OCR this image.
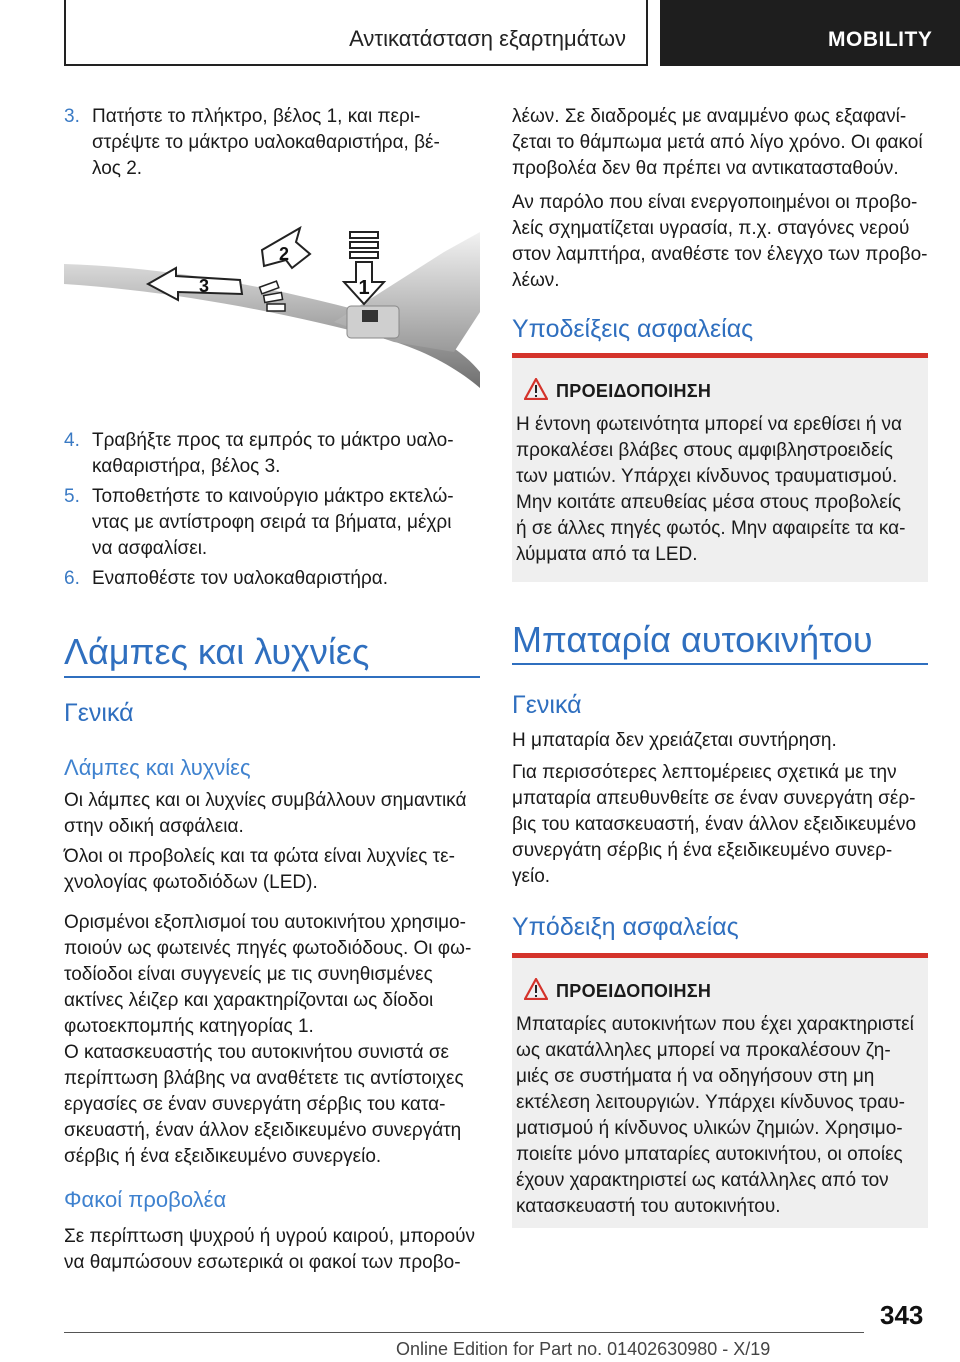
Αντικατάσταση εξαρτημάτων	MOBILITY
3. Πατήστε το πλήκτρο, βέλος 1, και περι-
στρέψτε το μάκτρο υαλοκαθαριστήρα, βέ-
λος 2.
1
2
3
4. Τραβήξτε προς τα εμπρός το μάκτρο υαλο-
καθαριστήρα, βέλος 3.
5. Τοποθετήστε το καινούργιο μάκτρο εκτελώ-
ντας με αντίστροφη σειρά τα βήματα, μέχρι
να ασφαλίσει.
6. Εναποθέστε τον υαλοκαθαριστήρα.
Λάμπες και λυχνίες
Γενικά
Λάμπες και λυχνίες
Οι λάμπες και οι λυχνίες συμβάλλουν σημαντικά
στην οδική ασφάλεια.
Όλοι οι προβολείς και τα φώτα είναι λυχνίες τε-
χνολογίας φωτοδιόδων (LED).
Ορισμένοι εξοπλισμοί του αυτοκινήτου χρησιμο-
ποιούν ως φωτεινές πηγές φωτοδιόδους. Οι φω-
τοδίοδοι είναι συγγενείς με τις συνηθισμένες
ακτίνες λέιζερ και χαρακτηρίζονται ως δίοδοι
φωτοεκπομπής κατηγορίας 1.
Ο κατασκευαστής του αυτοκινήτου συνιστά σε
περίπτωση βλάβης να αναθέτετε τις αντίστοιχες
εργασίες σε έναν συνεργάτη σέρβις του κατα-
σκευαστή, έναν άλλον εξειδικευμένο συνεργάτη
σέρβις ή ένα εξειδικευμένο συνεργείο.
Φακοί προβολέα
Σε περίπτωση ψυχρού ή υγρού καιρού, μπορούν
να θαμπώσουν εσωτερικά οι φακοί των προβο-
λέων. Σε διαδρομές με αναμμένο φως εξαφανί-
ζεται το θάμπωμα μετά από λίγο χρόνο. Οι φακοί
προβολέα δεν θα πρέπει να αντικατασταθούν.
Αν παρόλο που είναι ενεργοποιημένοι οι προβο-
λείς σχηματίζεται υγρασία, π.χ. σταγόνες νερού
στον λαμπτήρα, αναθέστε τον έλεγχο των προβο-
λέων.
Υποδείξεις ασφαλείας
ΠΡΟΕΙΔΟΠΟΙΗΣΗ
Η έντονη φωτεινότητα μπορεί να ερεθίσει ή να
προκαλέσει βλάβες στους αμφιβληστροειδείς
των ματιών. Υπάρχει κίνδυνος τραυματισμού.
Μην κοιτάτε απευθείας μέσα στους προβολείς
ή σε άλλες πηγές φωτός. Μην αφαιρείτε τα κα-
λύμματα από τα LED.
Μπαταρία αυτοκινήτου
Γενικά
Η μπαταρία δεν χρειάζεται συντήρηση.
Για περισσότερες λεπτομέρειες σχετικά με την
μπαταρία απευθυνθείτε σε έναν συνεργάτη σέρ-
βις του κατασκευαστή, έναν άλλον εξειδικευμένο
συνεργάτη σέρβις ή ένα εξειδικευμένο συνερ-
γείο.
Υπόδειξη ασφαλείας
ΠΡΟΕΙΔΟΠΟΙΗΣΗ
Μπαταρίες αυτοκινήτων που έχει χαρακτηριστεί
ως ακατάλληλες μπορεί να προκαλέσουν ζη-
μιές σε συστήματα ή να οδηγήσουν στη μη
εκτέλεση λειτουργιών. Υπάρχει κίνδυνος τραυ-
ματισμού ή κίνδυνος υλικών ζημιών. Χρησιμο-
ποιείτε μόνο μπαταρίες αυτοκινήτου, οι οποίες
έχουν χαρακτηριστεί ως κατάλληλες από τον
κατασκευαστή του αυτοκινήτου.
343
Online Edition for Part no. 01402630980 - X/19
